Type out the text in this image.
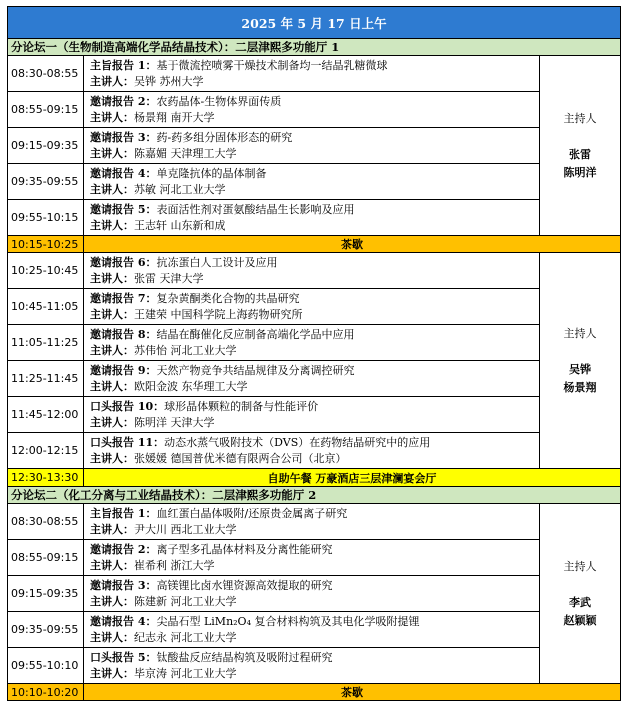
2025 年 5 月 17 日上午		
分论坛一（生物制造高端化学品结晶技术）：二层津熙多功能厅 1		
08:30-08:55	主旨报告 1：基于微流控喷雾干燥技术制备均一结晶乳糖微球
主讲人：吴铧 苏州大学	主持人
张雷
陈明洋

08:55-09:15	邀请报告 2：农药晶体-生物体界面传质
主讲人：杨景翔 南开大学	
09:15-09:35	邀请报告 3：药-药多组分固体形态的研究
主讲人：陈嘉媚 天津理工大学	
09:35-09:55	邀请报告 4：单克隆抗体的晶体制备
主讲人：苏敏 河北工业大学	
09:55-10:15	邀请报告 5：表面活性剂对蛋氨酸结晶生长影响及应用
主讲人：王志轩 山东新和成	
10:15-10:25	茶歇	
10:25-10:45	邀请报告 6：抗冻蛋白人工设计及应用
主讲人：张雷 天津大学	主持人
吴铧
杨景翔

10:45-11:05	邀请报告 7：复杂黄酮类化合物的共晶研究
主讲人：王建荣 中国科学院上海药物研究所	
11:05-11:25	邀请报告 8：结晶在酶催化反应制备高端化学品中应用
主讲人：苏伟怡 河北工业大学	
11:25-11:45	邀请报告 9：天然产物竞争共结晶规律及分离调控研究
主讲人：欧阳金波 东华理工大学	
11:45-12:00	口头报告 10：球形晶体颗粒的制备与性能评价
主讲人：陈明洋 天津大学	
12:00-12:15	口头报告 11：动态水蒸气吸附技术（DVS）在药物结晶研究中的应用
主讲人：张媛媛 德国普优米德有限两合公司（北京）	
12:30-13:30	自助午餐 万豪酒店三层津澜宴会厅	
分论坛二（化工分离与工业结晶技术）：二层津熙多功能厅 2		
08:30-08:55	主旨报告 1：血红蛋白晶体吸附/还原贵金属离子研究
主讲人：尹大川 西北工业大学	主持人
李武
赵颖颖

08:55-09:15	邀请报告 2：离子型多孔晶体材料及分离性能研究
主讲人：崔希利 浙江大学	
09:15-09:35	邀请报告 3：高镁锂比卤水锂资源高效提取的研究
主讲人：陈建新 河北工业大学	
09:35-09:55	邀请报告 4：尖晶石型 LiMn₂O₄ 复合材料构筑及其电化学吸附提锂
主讲人：纪志永 河北工业大学	
09:55-10:10	口头报告 5：钛酸盐反应结晶构筑及吸附过程研究
主讲人：毕京涛 河北工业大学	
10:10-10:20	茶歇	
